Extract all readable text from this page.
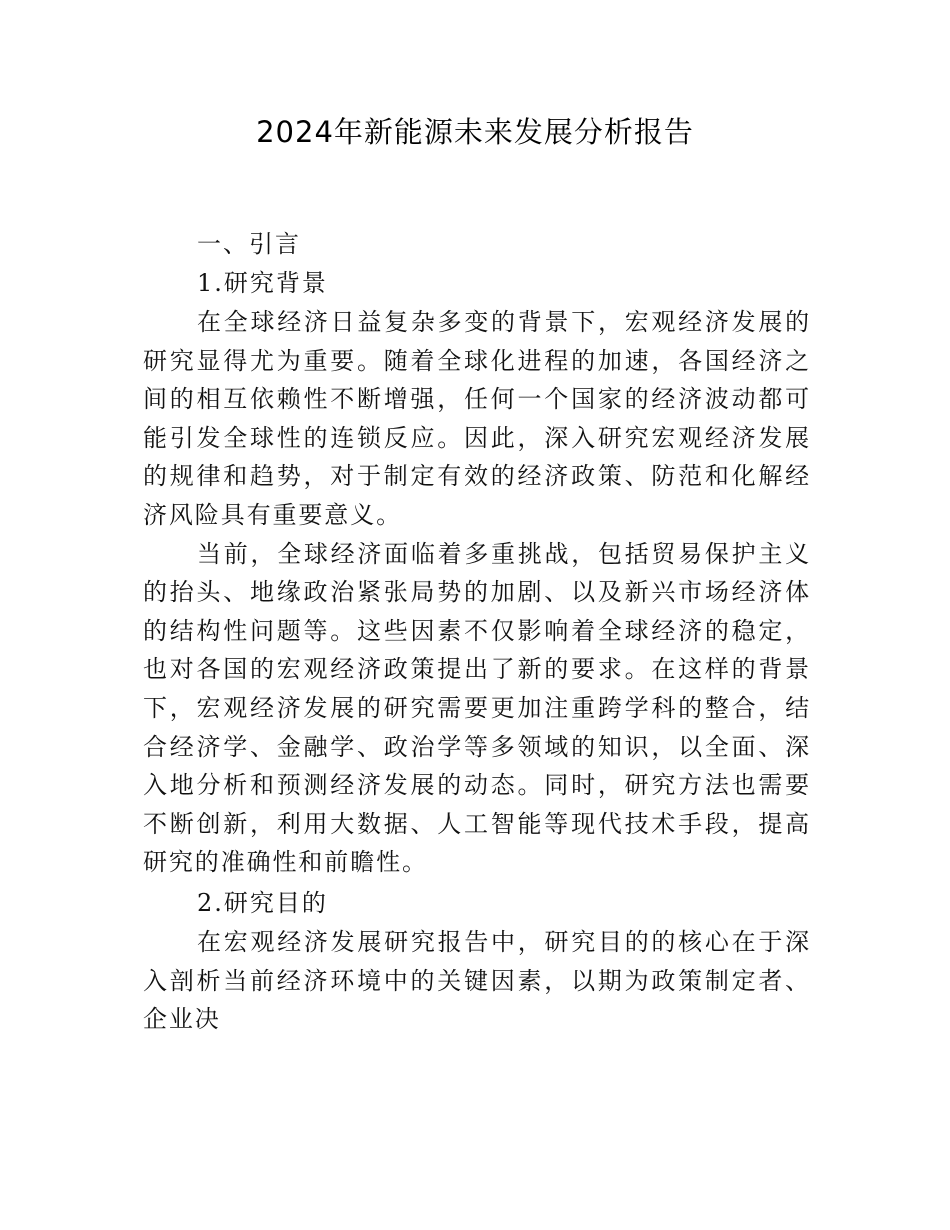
2024年新能源未来发展分析报告
一、引言
1.研究背景

在全球经济日益复杂多变的背景下，宏观经济发展的研究显得尤为重要。随着全球化进程的加速，各国经济之间的相互依赖性不断增强，任何一个国家的经济波动都可能引发全球性的连锁反应。因此，深入研究宏观经济发展的规律和趋势，对于制定有效的经济政策、防范和化解经济风险具有重要意义。

当前，全球经济面临着多重挑战，包括贸易保护主义的抬头、地缘政治紧张局势的加剧、以及新兴市场经济体的结构性问题等。这些因素不仅影响着全球经济的稳定，也对各国的宏观经济政策提出了新的要求。在这样的背景下，宏观经济发展的研究需要更加注重跨学科的整合，结合经济学、金融学、政治学等多领域的知识，以全面、深入地分析和预测经济发展的动态。同时，研究方法也需要不断创新，利用大数据、人工智能等现代技术手段，提高研究的准确性和前瞻性。

2.研究目的

在宏观经济发展研究报告中，研究目的的核心在于深入剖析当前经济环境中的关键因素，以期为政策制定者、企业决
